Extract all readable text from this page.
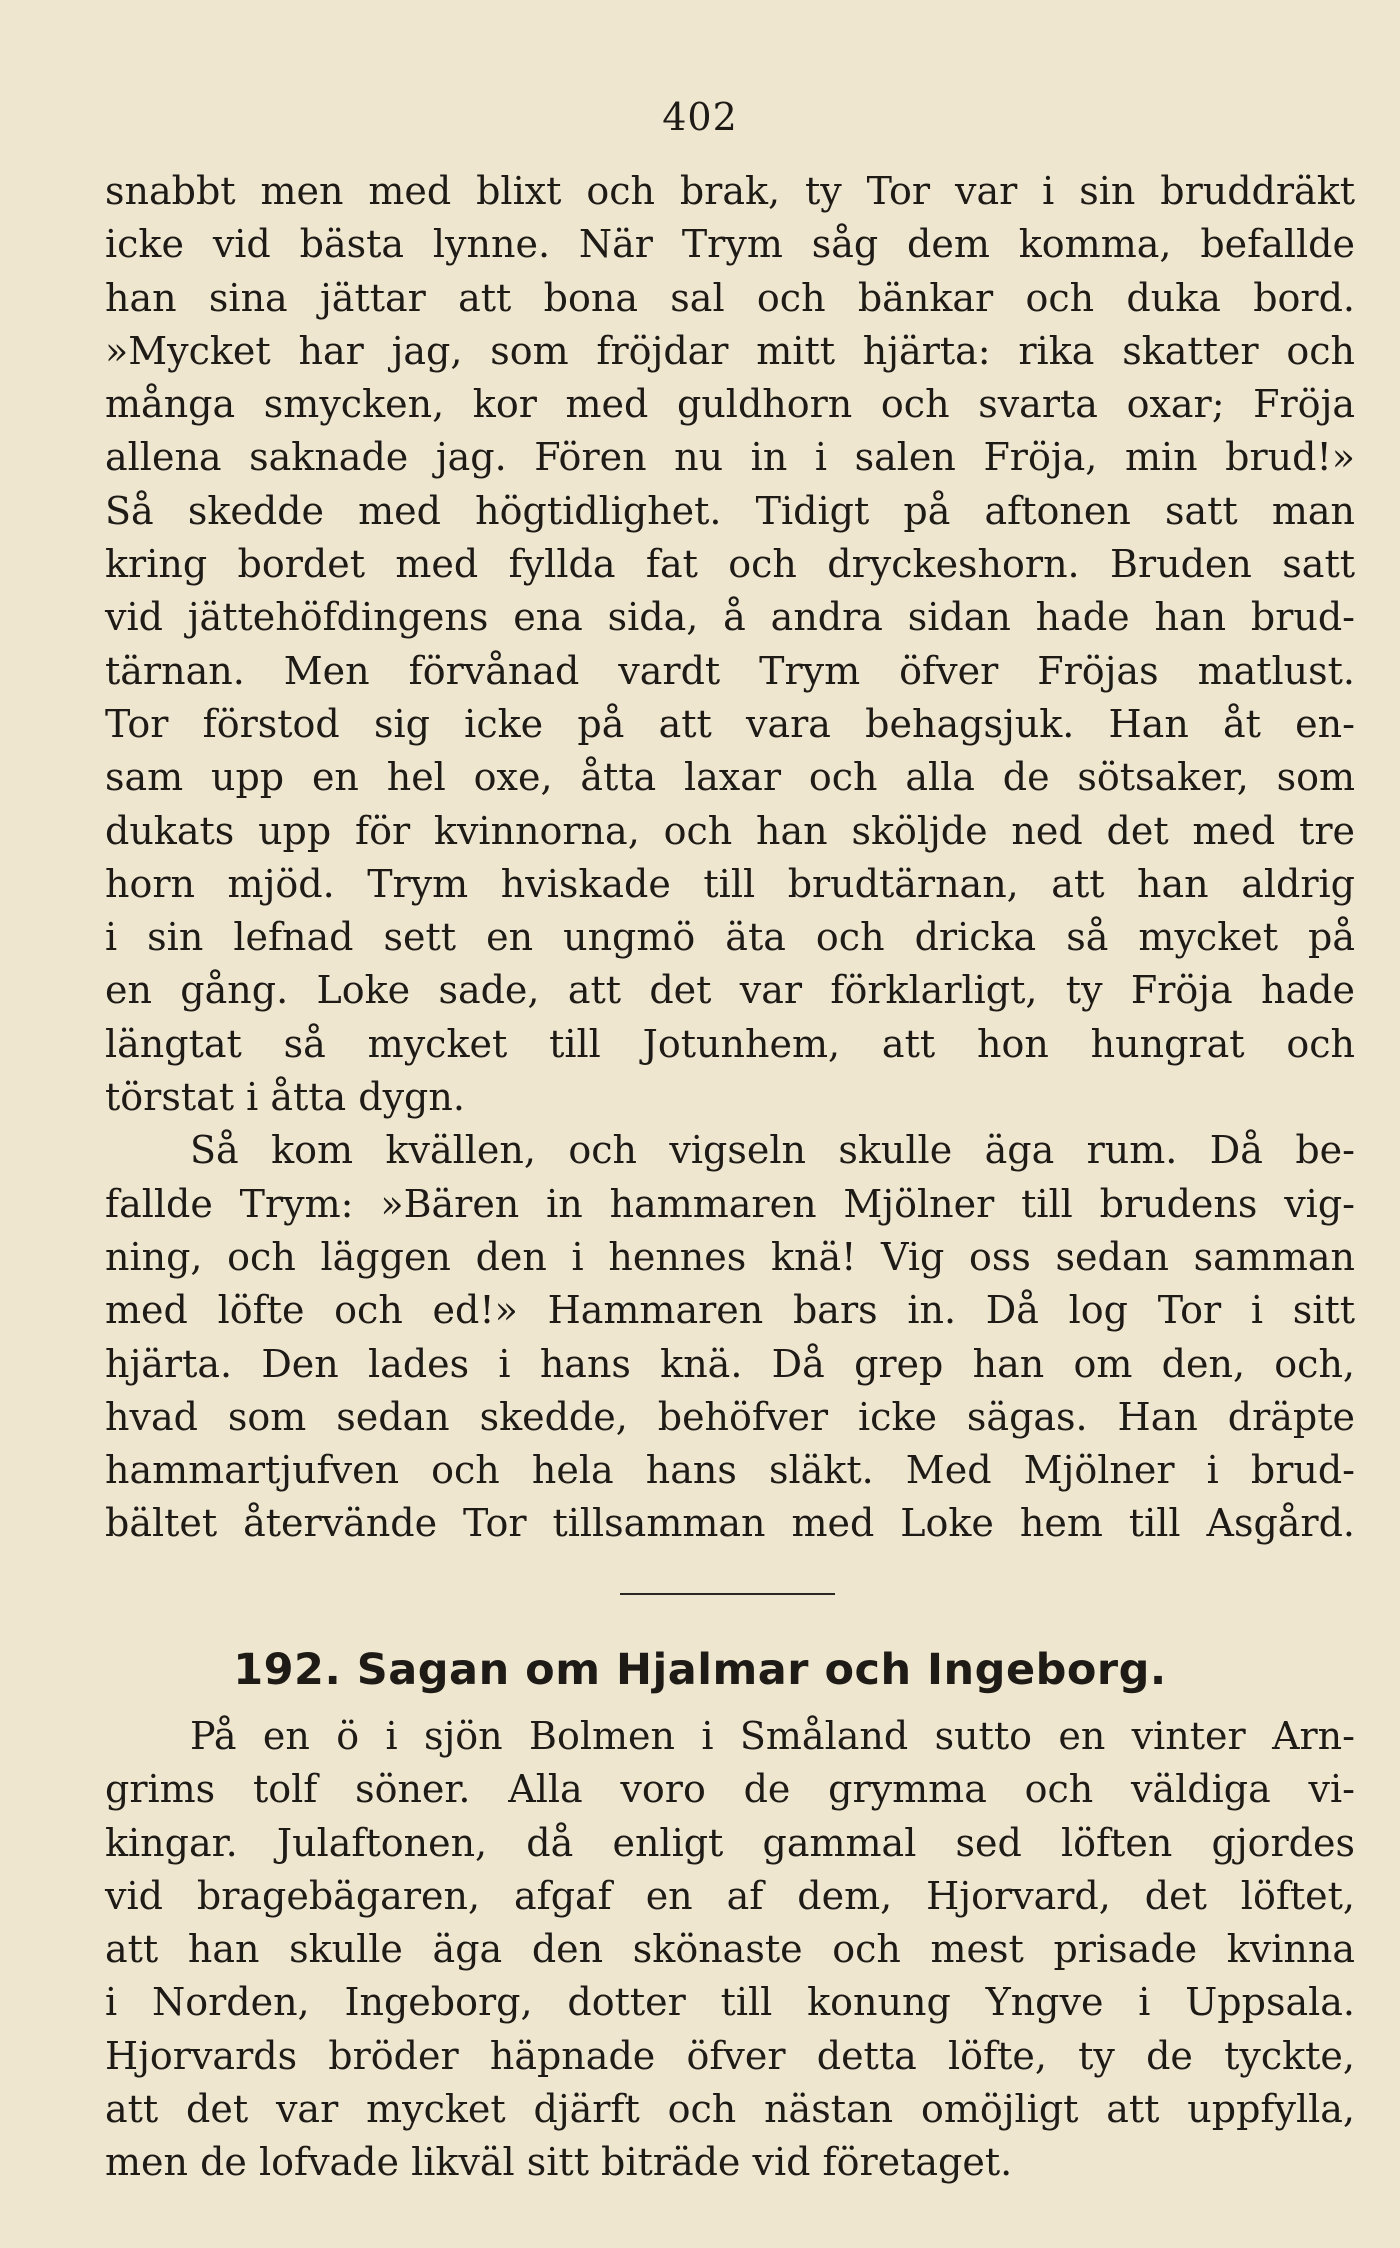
402
snabbt men med blixt och brak, ty Tor var i sin bruddräkt
icke vid bästa lynne. När Trym såg dem komma, befallde
han sina jättar att bona sal och bänkar och duka bord.
»Mycket har jag, som fröjdar mitt hjärta: rika skatter och
många smycken, kor med guldhorn och svarta oxar; Fröja
allena saknade jag. Fören nu in i salen Fröja, min brud!»
Så skedde med högtidlighet. Tidigt på aftonen satt man
kring bordet med fyllda fat och dryckeshorn. Bruden satt
vid jättehöfdingens ena sida, å andra sidan hade han brud-
tärnan. Men förvånad vardt Trym öfver Fröjas matlust.
Tor förstod sig icke på att vara behagsjuk. Han åt en-
sam upp en hel oxe, åtta laxar och alla de sötsaker, som
dukats upp för kvinnorna, och han sköljde ned det med tre
horn mjöd. Trym hviskade till brudtärnan, att han aldrig
i sin lefnad sett en ungmö äta och dricka så mycket på
en gång. Loke sade, att det var förklarligt, ty Fröja hade
längtat så mycket till Jotunhem, att hon hungrat och
törstat i åtta dygn.
Så kom kvällen, och vigseln skulle äga rum. Då be-
fallde Trym: »Bären in hammaren Mjölner till brudens vig-
ning, och läggen den i hennes knä! Vig oss sedan samman
med löfte och ed!» Hammaren bars in. Då log Tor i sitt
hjärta. Den lades i hans knä. Då grep han om den, och,
hvad som sedan skedde, behöfver icke sägas. Han dräpte
hammartjufven och hela hans släkt. Med Mjölner i brud-
bältet återvände Tor tillsamman med Loke hem till Asgård.
192. Sagan om Hjalmar och Ingeborg.
På en ö i sjön Bolmen i Småland sutto en vinter Arn-
grims tolf söner. Alla voro de grymma och väldiga vi-
kingar. Julaftonen, då enligt gammal sed löften gjordes
vid bragebägaren, afgaf en af dem, Hjorvard, det löftet,
att han skulle äga den skönaste och mest prisade kvinna
i Norden, Ingeborg, dotter till konung Yngve i Uppsala.
Hjorvards bröder häpnade öfver detta löfte, ty de tyckte,
att det var mycket djärft och nästan omöjligt att uppfylla,
men de lofvade likväl sitt biträde vid företaget.
